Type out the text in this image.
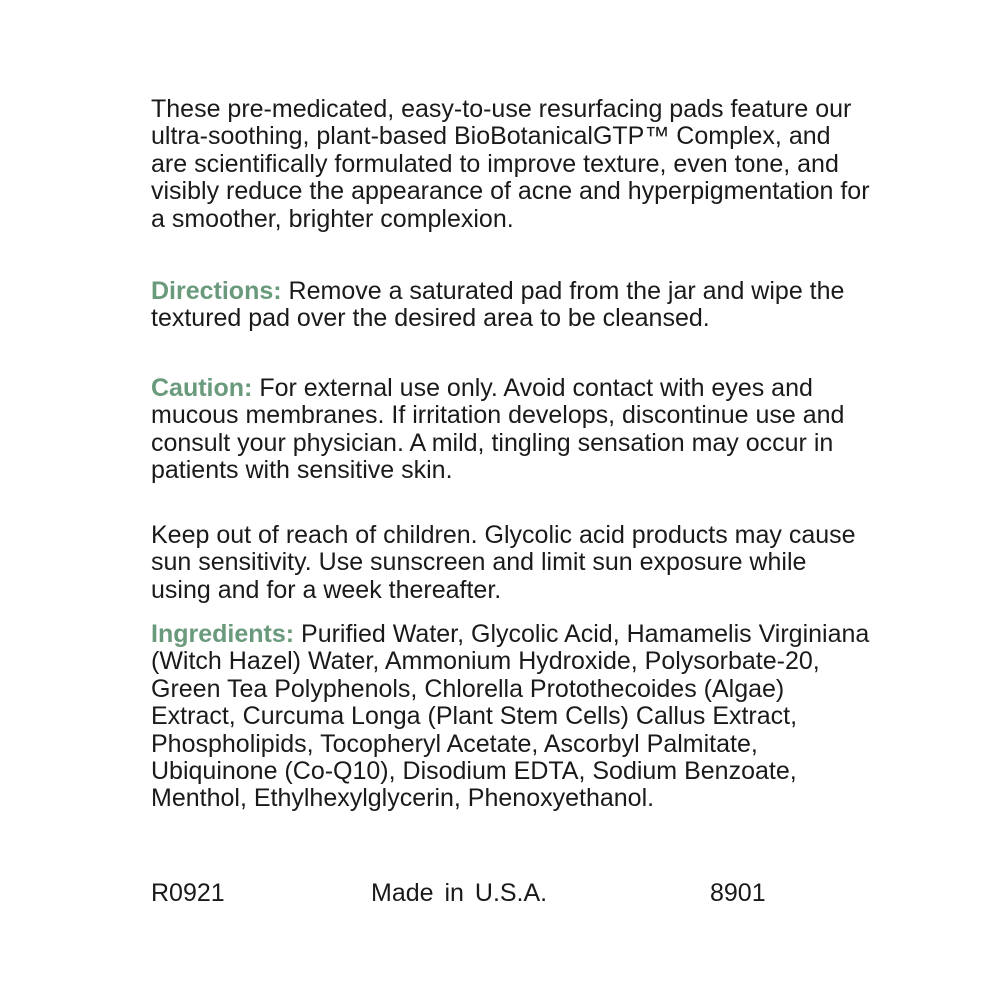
These pre-medicated, easy-to-use resurfacing pads feature our ultra-soothing, plant-based BioBotanicalGTP™ Complex, and are scientifically formulated to improve texture, even tone, and visibly reduce the appearance of acne and hyperpigmentation for a smoother, brighter complexion.

Directions: Remove a saturated pad from the jar and wipe the textured pad over the desired area to be cleansed.

Caution: For external use only. Avoid contact with eyes and mucous membranes. If irritation develops, discontinue use and consult your physician. A mild, tingling sensation may occur in patients with sensitive skin.

Keep out of reach of children. Glycolic acid products may cause sun sensitivity. Use sunscreen and limit sun exposure while using and for a week thereafter.

Ingredients: Purified Water, Glycolic Acid, Hamamelis Virginiana (Witch Hazel) Water, Ammonium Hydroxide, Polysorbate-20, Green Tea Polyphenols, Chlorella Protothecoides (Algae) Extract, Curcuma Longa (Plant Stem Cells) Callus Extract, Phospholipids, Tocopheryl Acetate, Ascorbyl Palmitate, Ubiquinone (Co-Q10), Disodium EDTA, Sodium Benzoate, Menthol, Ethylhexylglycerin, Phenoxyethanol.

R0921	Made in U.S.A.	8901
